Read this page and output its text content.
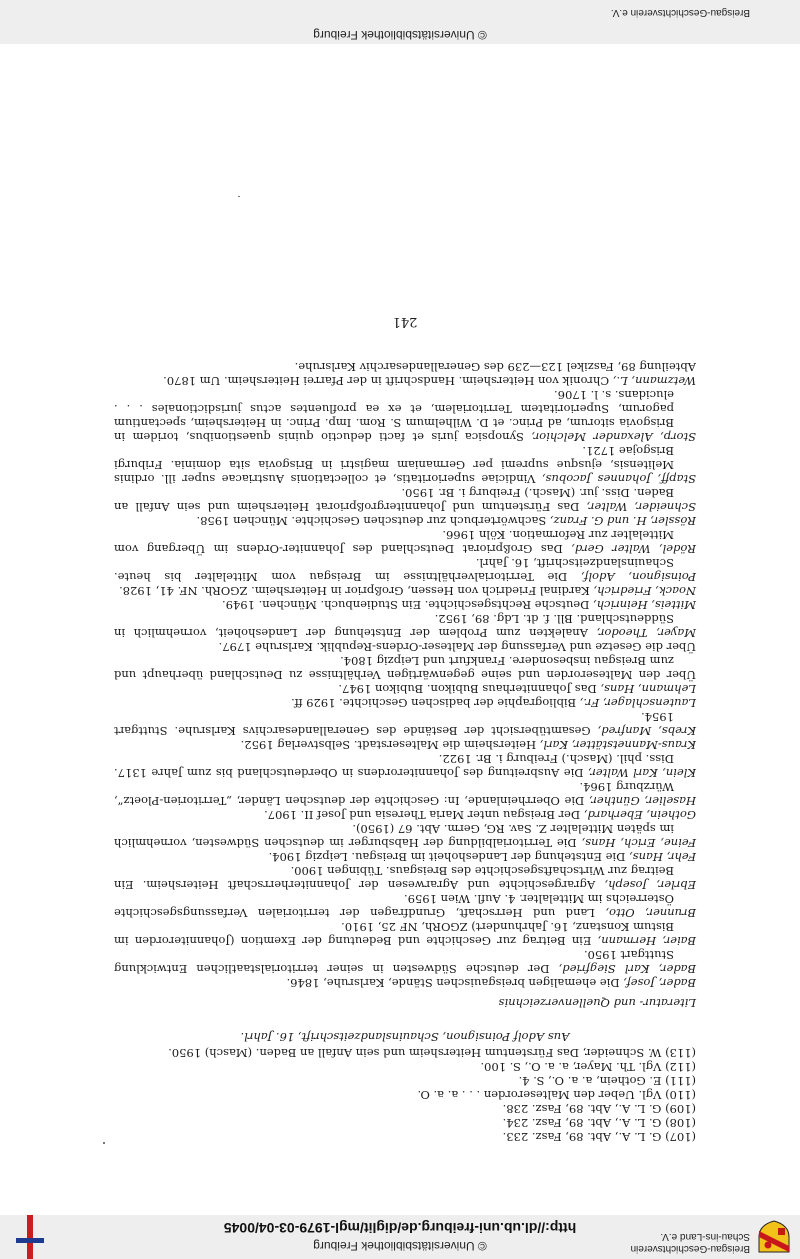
Breisgau-Geschichtsverein
Schau-ins-Land e.V.
© Universitätsbibliothek Freiburg
http://dl.ub.uni-freiburg.de/diglit/mgl-1979-03-04/0045
(107) G. L. A., Abt. 89, Fasz. 233.
(108) G. L. A., Abt. 89, Fasz. 234.
(109) G. L. A., Abt. 89, Fasz. 238.
(110) Vgl. Ueber den Malteserorden . . . a. a. O.
(111) E. Gothein, a. a. O., S. 4.
(112) Vgl. Th. Mayer, a. a. O., S. 100.
(113) W. Schneider, Das Fürstentum Heitersheim und sein Anfall an Baden. (Masch) 1950.
Aus Adolf Poinsignon, Schauinslandzeitschrift, 16. Jahrl.
Literatur- und Quellenverzeichnis
Bader, Josef, Die ehemaligen breisgauischen Stände, Karlsruhe, 1846.
Bader, Karl Siegfried, Der deutsche Südwesten in seiner territorialstaatlichen Entwicklung Stuttgart 1950.
Baier, Hermann, Ein Beitrag zur Geschichte und Bedeutung der Exemtion (Johanniterorden im Bistum Konstanz, 16. Jahrhundert) ZGORh, NF 25, 1910.
Brunner, Otto, Land und Herrschaft, Grundfragen der territorialen Verfassungsgeschichte Österreichs im Mittelalter. 4. Aufl. Wien 1959.
Ebrler, Joseph, Agrargeschichte und Agrarwesen der Johanniterherrschaft Heitersheim. Ein Beitrag zur Wirtschaftsgeschichte des Breisgaus. Tübingen 1900.
Fehr, Hans, Die Entstehung der Landeshoheit im Breisgau. Leipzig 1904.
Feine, Erich, Hans, Die Territorialbildung der Habsburger im deutschen Südwesten, vornehmlich im späten Mittelalter Z. Sav. RG, Germ. Abt. 67 (1950).
Gothein, Eberhard, Der Breisgau unter Maria Theresia und Josef II. 1907.
Haselier, Günther, Die Oberrheinlande, In: Geschichte der deutschen Länder, „Territorien-Ploetz“, Würzburg 1964.
Klein, Karl Walter, Die Ausbreitung des Johanniterordens in Oberdeutschland bis zum Jahre 1317. Diss. phil. (Masch.) Freiburg i. Br. 1922.
Kraus-Mannetstätter, Karl, Heitersheim die Malteserstadt. Selbstverlag 1952.
Krebs, Manfred, Gesamtübersicht der Bestände des Generallandesarchivs Karlsruhe. Stuttgart 1954.
Lautenschlager, Fr., Bibliographie der badischen Geschichte. 1929 ff.
Lehmann, Hans, Das Johanniterhaus Bubikon. Bubikon 1947.
Über den Malteserorden und seine gegenwärtigen Verhältnisse zu Deutschland überhaupt und zum Breisgau insbesondere. Frankfurt und Leipzig 1804.
Über die Gesetze und Verfassung der Malteser-Ordens-Republik. Karlsruhe 1797.
Mayer, Theodor, Analekten zum Problem der Entstehung der Landeshoheit, vornehmlich in Süddeutschland. Bll. f. dt. Ldg. 89, 1952.
Mitteis, Heinrich, Deutsche Rechtsgeschichte. Ein Studienbuch. München. 1949.
Noack, Friedrich, Kardinal Friedrich von Hessen, Großprior in Heitersheim. ZGORh. NF. 41, 1928.
Poinsignon, Adolf, Die Territorialverhältnisse im Breisgau vom Mittelalter bis heute. Schauinslandzeitschrift, 16. Jahrl.
Rödel, Walter Gerd, Das Großpriorat Deutschland des Johanniter-Ordens im Übergang vom Mittelalter zur Reformation. Köln 1966.
Rössler, H. und G. Franz, Sachwörterbuch zur deutschen Geschichte. München 1958.
Schneider, Walter, Das Fürstentum und Johannitergroßpriorat Heitersheim und sein Anfall an Baden. Diss. jur. (Masch.) Freiburg i. Br. 1950.
Stapff, Johannes Jacobus, Vindiciae superioritatis, et collectationis Austriacae super ill. ordinis Melitensis, ejusque supremi per Germaniam magistri in Brisgovia sita dominia. Friburgi Brisgojae 1721.
Storp, Alexander Melchior, Synopsica juris et facti deductio quinis quaestionibus, toridem in Brisgovia sitorum, ad Princ. et D. Wilhelmum S. Rom. Imp. Princ. in Heitersheim, spectantium pagorum, Superioritatem Territorialem, et ex ea profluentes actus jurisdictionales . . . elucidans. s. l. 1706.
Wetzmann, L., Chronik von Heitersheim. Handschrift in der Pfarrei Heitersheim. Um 1870.
Abteilung 89, Faszikel 123—239 des Generallandesarchiv Karlsruhe.
241
© Universitätsbibliothek Freiburg
Breisgau-Geschichtsverein e.V.
